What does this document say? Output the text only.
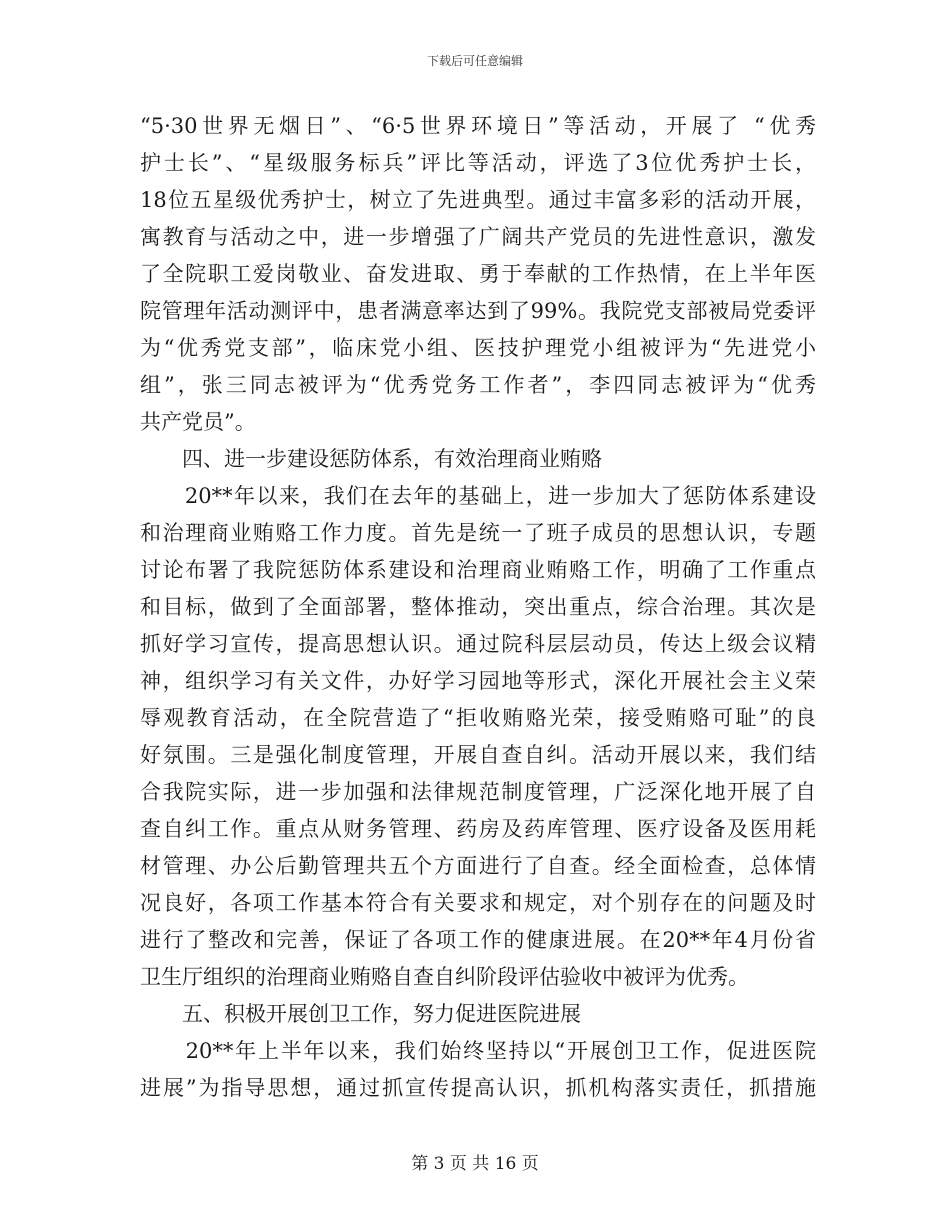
下载后可任意编辑
“5·30世界无烟日”、“6·5世界环境日”等活动，开展了 “优秀
护士长”、“星级服务标兵”评比等活动，评选了3位优秀护士长，
18位五星级优秀护士，树立了先进典型。通过丰富多彩的活动开展，
寓教育与活动之中，进一步增强了广阔共产党员的先进性意识，激发
了全院职工爱岗敬业、奋发进取、勇于奉献的工作热情，在上半年医
院管理年活动测评中，患者满意率达到了99%。我院党支部被局党委评
为“优秀党支部”，临床党小组、医技护理党小组被评为“先进党小
组”，张三同志被评为“优秀党务工作者”，李四同志被评为“优秀
共产党员”。
　　四、进一步建设惩防体系，有效治理商业贿赂
　　20**年以来，我们在去年的基础上，进一步加大了惩防体系建设
和治理商业贿赂工作力度。首先是统一了班子成员的思想认识，专题
讨论布署了我院惩防体系建设和治理商业贿赂工作，明确了工作重点
和目标，做到了全面部署，整体推动，突出重点，综合治理。其次是
抓好学习宣传，提高思想认识。通过院科层层动员，传达上级会议精
神，组织学习有关文件，办好学习园地等形式，深化开展社会主义荣
辱观教育活动，在全院营造了“拒收贿赂光荣，接受贿赂可耻”的良
好氛围。三是强化制度管理，开展自查自纠。活动开展以来，我们结
合我院实际，进一步加强和法律规范制度管理，广泛深化地开展了自
查自纠工作。重点从财务管理、药房及药库管理、医疗设备及医用耗
材管理、办公后勤管理共五个方面进行了自查。经全面检查，总体情
况良好，各项工作基本符合有关要求和规定，对个别存在的问题及时
进行了整改和完善，保证了各项工作的健康进展。在20**年4月份省
卫生厅组织的治理商业贿赂自查自纠阶段评估验收中被评为优秀。
　　五、积极开展创卫工作，努力促进医院进展
　　20**年上半年以来，我们始终坚持以“开展创卫工作，促进医院
进展”为指导思想，通过抓宣传提高认识，抓机构落实责任，抓措施
第 3 页 共 16 页
